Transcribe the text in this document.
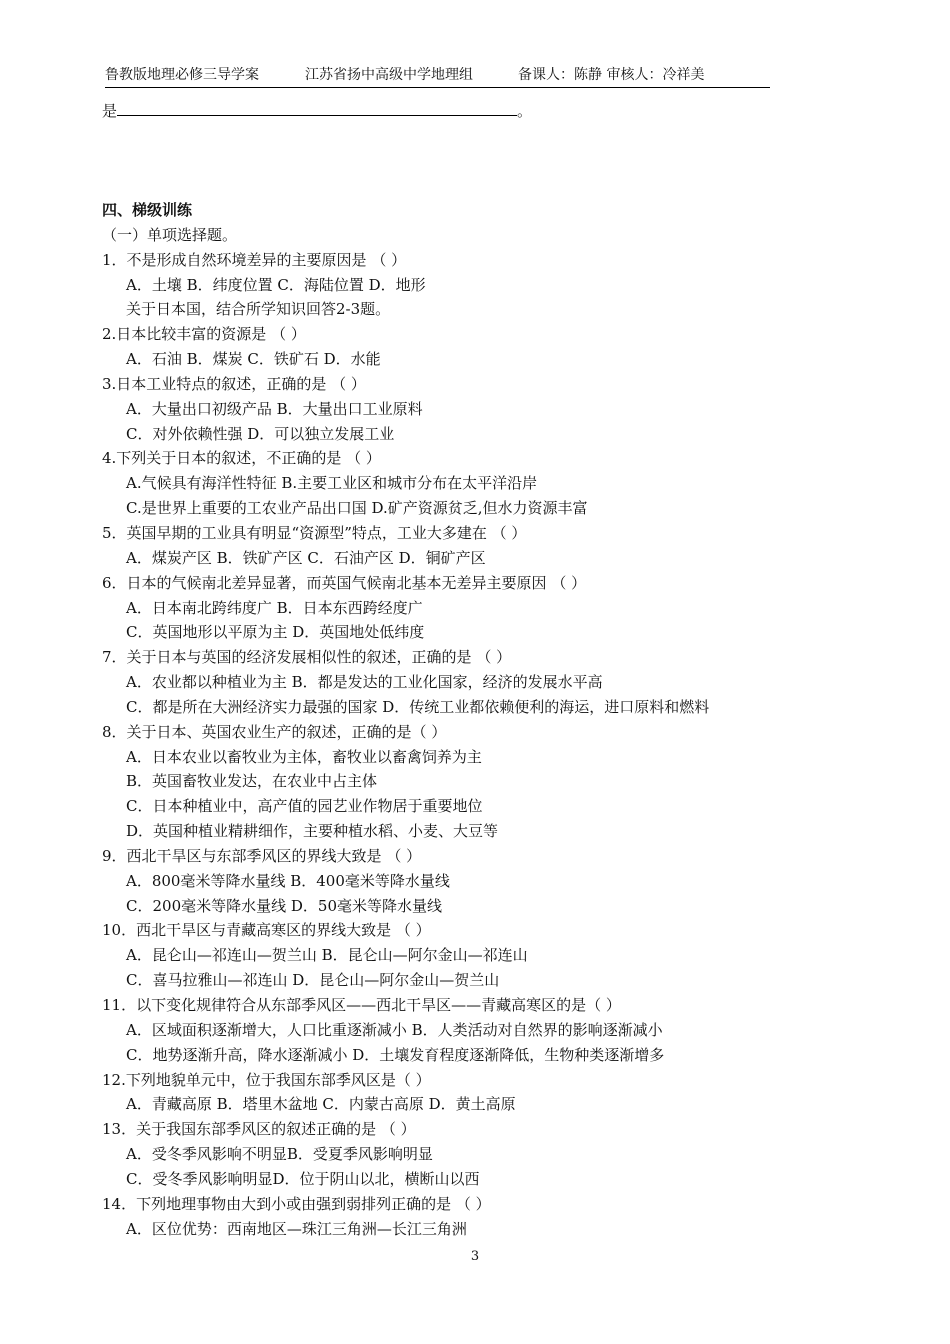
鲁教版地理必修三导学案	江苏省扬中高级中学地理组	备课人：陈静 审核人：冷祥美
是	。
四、梯级训练
（一）单项选择题。
1．不是形成自然环境差异的主要原因是 （ ）
A．土壤 B．纬度位置 C．海陆位置 D．地形
关于日本国，结合所学知识回答2-3题。
2.日本比较丰富的资源是 （ ）
A．石油 B．煤炭 C．铁矿石 D．水能
3.日本工业特点的叙述，正确的是 （ ）
A．大量出口初级产品 B．大量出口工业原料
C．对外依赖性强 D．可以独立发展工业
4.下列关于日本的叙述，不正确的是 （ ）
A.气候具有海洋性特征 B.主要工业区和城市分布在太平洋沿岸
C.是世界上重要的工农业产品出口国 D.矿产资源贫乏,但水力资源丰富
5．英国早期的工业具有明显“资源型”特点，工业大多建在 （ ）
A．煤炭产区 B．铁矿产区 C．石油产区 D．铜矿产区
6．日本的气候南北差异显著，而英国气候南北基本无差异主要原因 （ ）
A．日本南北跨纬度广 B．日本东西跨经度广
C．英国地形以平原为主 D．英国地处低纬度
7．关于日本与英国的经济发展相似性的叙述，正确的是 （ ）
A．农业都以种植业为主 B．都是发达的工业化国家，经济的发展水平高
C．都是所在大洲经济实力最强的国家 D．传统工业都依赖便利的海运，进口原料和燃料
8．关于日本、英国农业生产的叙述，正确的是（ ）
A．日本农业以畜牧业为主体，畜牧业以畜禽饲养为主
B．英国畜牧业发达，在农业中占主体
C．日本种植业中，高产值的园艺业作物居于重要地位
D．英国种植业精耕细作，主要种植水稻、小麦、大豆等
9．西北干旱区与东部季风区的界线大致是 （ ）
A．800毫米等降水量线 B．400毫米等降水量线
C．200毫米等降水量线 D．50毫米等降水量线
10．西北干旱区与青藏高寒区的界线大致是 （ ）
A．昆仑山—祁连山—贺兰山 B．昆仑山—阿尔金山—祁连山
C．喜马拉雅山—祁连山 D．昆仑山—阿尔金山—贺兰山
11．以下变化规律符合从东部季风区——西北干旱区——青藏高寒区的是（ ）
A．区域面积逐渐增大，人口比重逐渐减小 B．人类活动对自然界的影响逐渐减小
C．地势逐渐升高，降水逐渐减小 D．土壤发育程度逐渐降低，生物种类逐渐增多
12.下列地貌单元中，位于我国东部季风区是（ ）
A．青藏高原 B．塔里木盆地 C．内蒙古高原 D．黄土高原
13．关于我国东部季风区的叙述正确的是 （ ）
A．受冬季风影响不明显B．受夏季风影响明显
C．受冬季风影响明显D．位于阴山以北，横断山以西
14．下列地理事物由大到小或由强到弱排列正确的是 （ ）
A．区位优势：西南地区—珠江三角洲—长江三角洲
3
